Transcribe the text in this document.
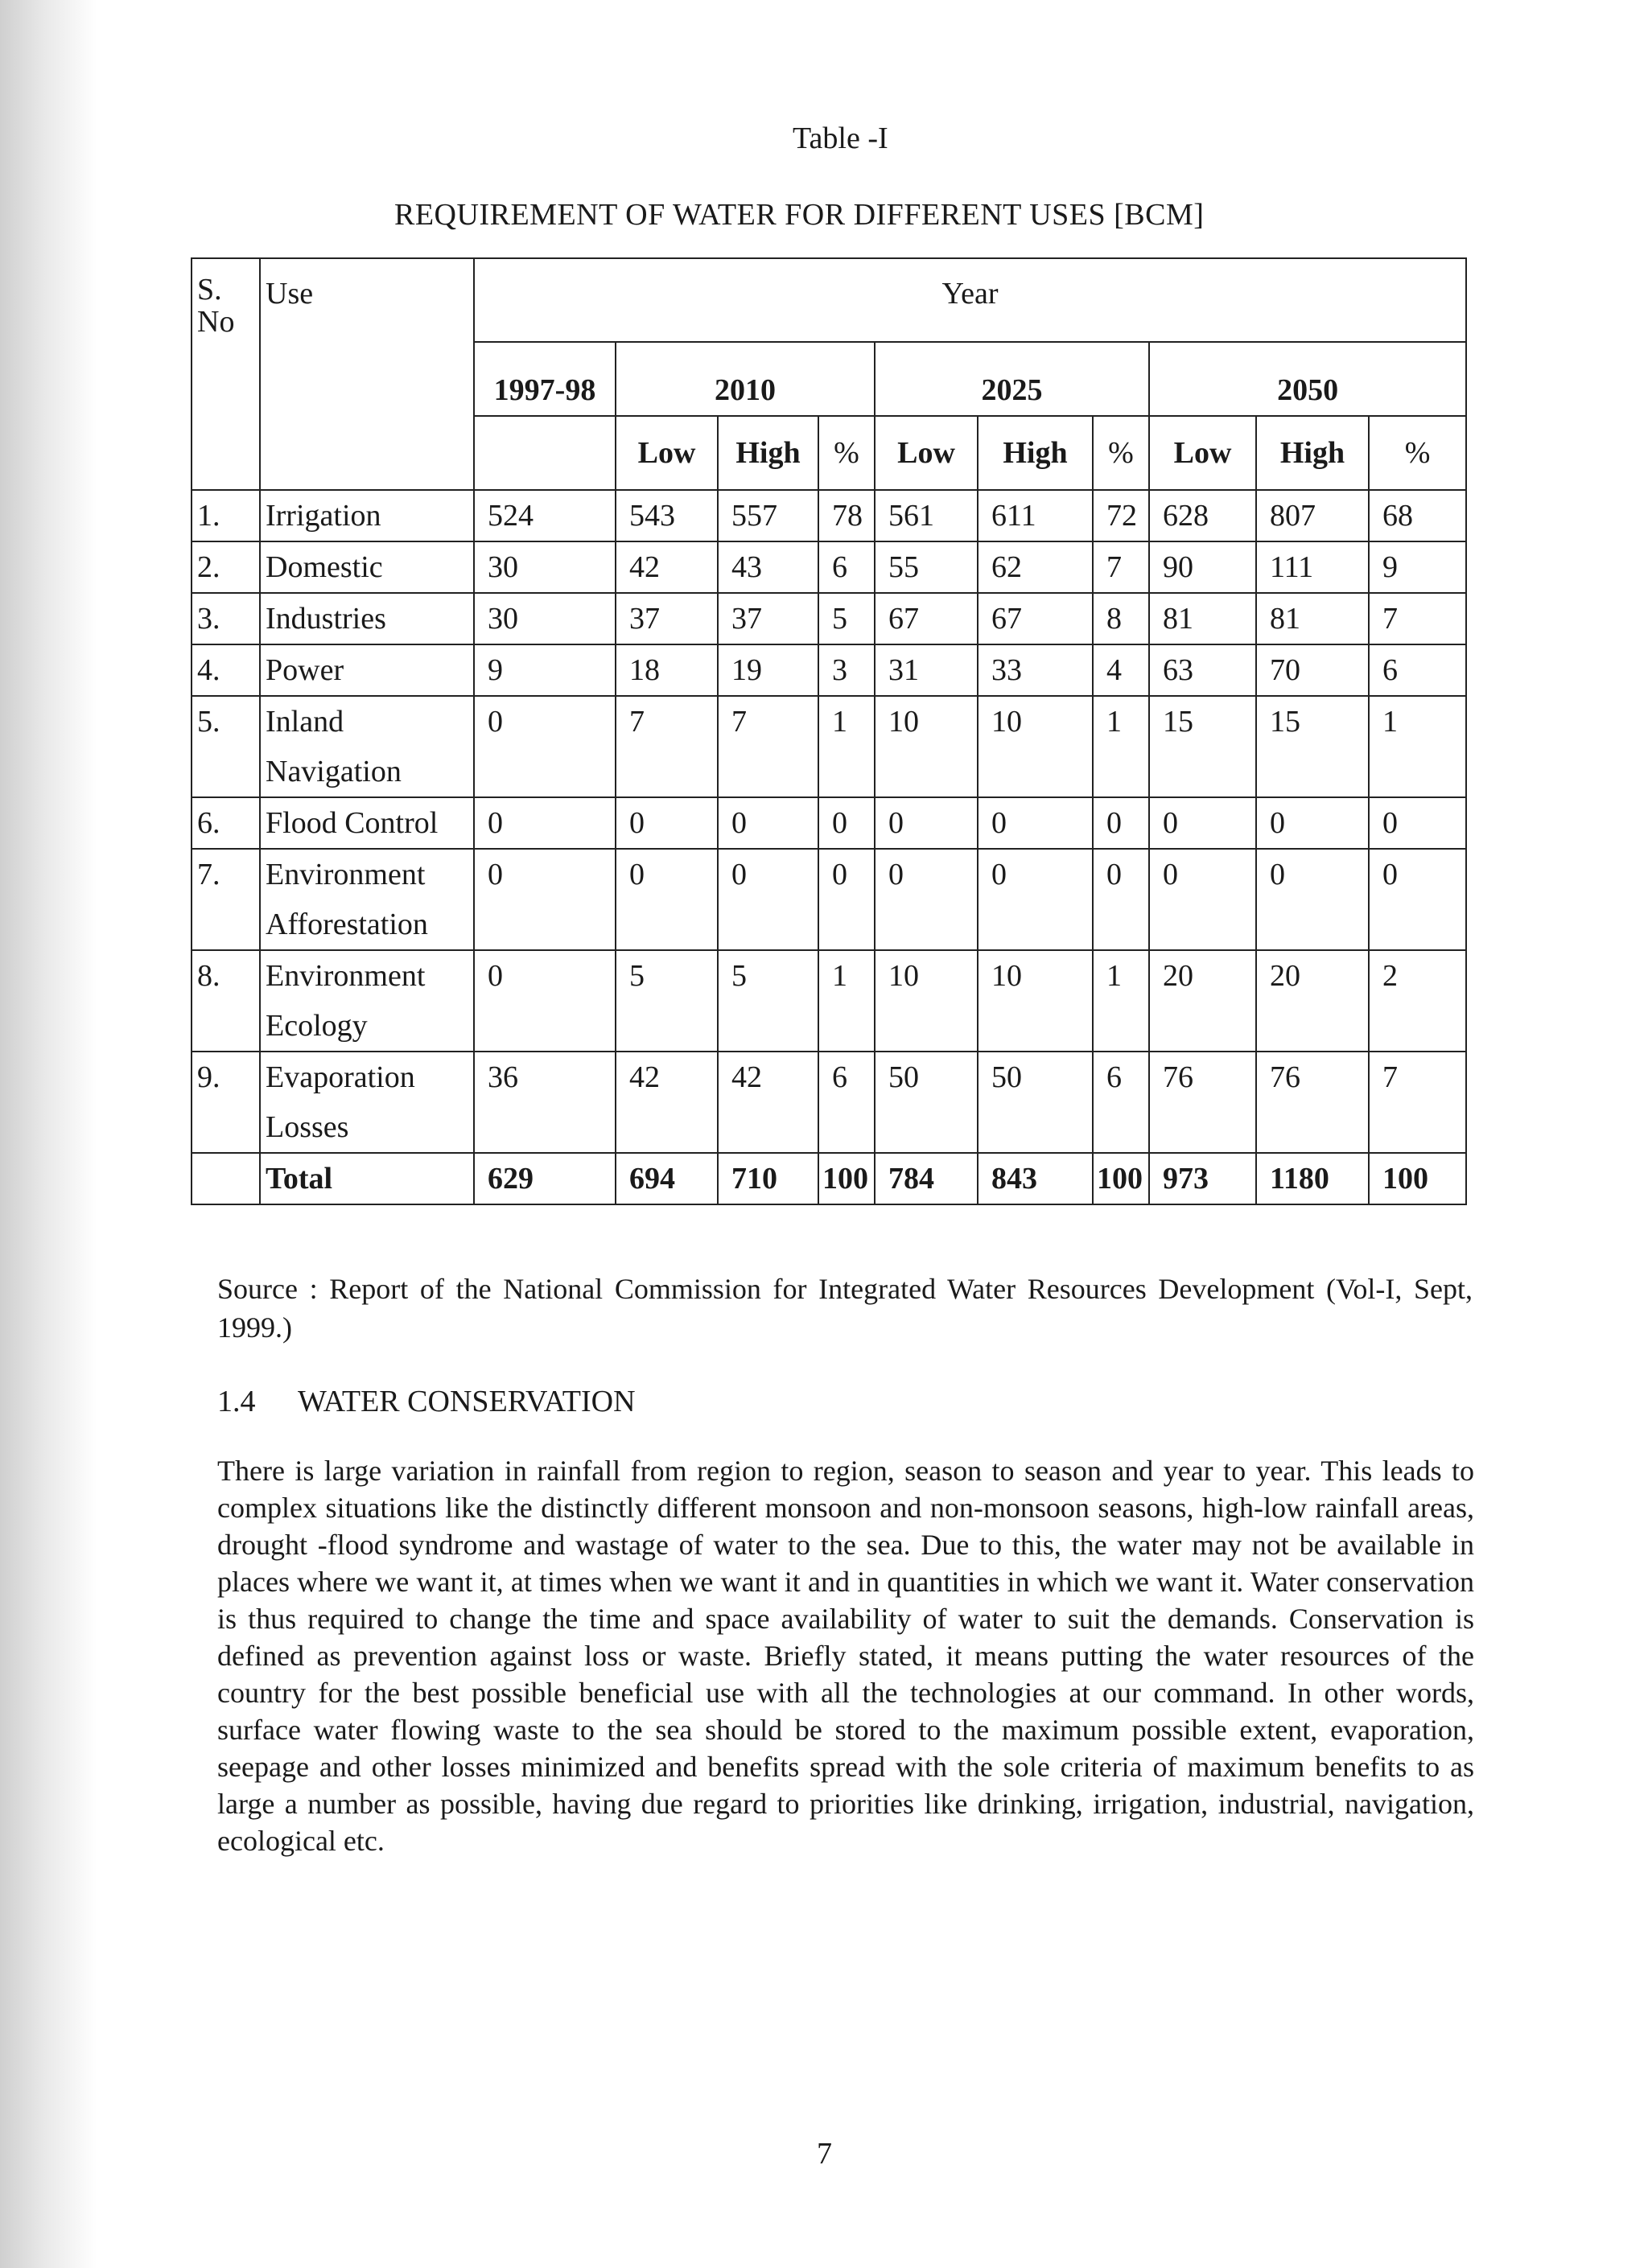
Table -I
REQUIREMENT OF WATER FOR DIFFERENT USES [BCM]
S. No	Use	Year									
		1997-98	2010			2025			2050		
			Low	High	%	Low	High	%	Low	High	%
1.	Irrigation	524	543	557	78	561	611	72	628	807	68
2.	Domestic	30	42	43	6	55	62	7	90	111	9
3.	Industries	30	37	37	5	67	67	8	81	81	7
4.	Power	9	18	19	3	31	33	4	63	70	6
5.	Inland Navigation	0	7	7	1	10	10	1	15	15	1
6.	Flood Control	0	0	0	0	0	0	0	0	0	0
7.	Environment Afforestation	0	0	0	0	0	0	0	0	0	0
8.	Environment Ecology	0	5	5	1	10	10	1	20	20	2
9.	Evaporation Losses	36	42	42	6	50	50	6	76	76	7
	Total	629	694	710	100	784	843	100	973	1180	100
Source : Report of the National Commission for Integrated Water Resources Development (Vol-I, Sept, 1999.)
1.4 WATER CONSERVATION
There is large variation in rainfall from region to region, season to season and year to year. This leads to complex situations like the distinctly different monsoon and non-monsoon seasons, high-low rainfall areas, drought -flood syndrome and wastage of water to the sea. Due to this, the water may not be available in places where we want it, at times when we want it and in quantities in which we want it. Water conservation is thus required to change the time and space availability of water to suit the demands. Conservation is defined as prevention against loss or waste. Briefly stated, it means putting the water resources of the country for the best possible beneficial use with all the technologies at our command. In other words, surface water flowing waste to the sea should be stored to the maximum possible extent, evaporation, seepage and other losses minimized and benefits spread with the sole criteria of maximum benefits to as large a number as possible, having due regard to priorities like drinking, irrigation, industrial, navigation, ecological etc.
7
